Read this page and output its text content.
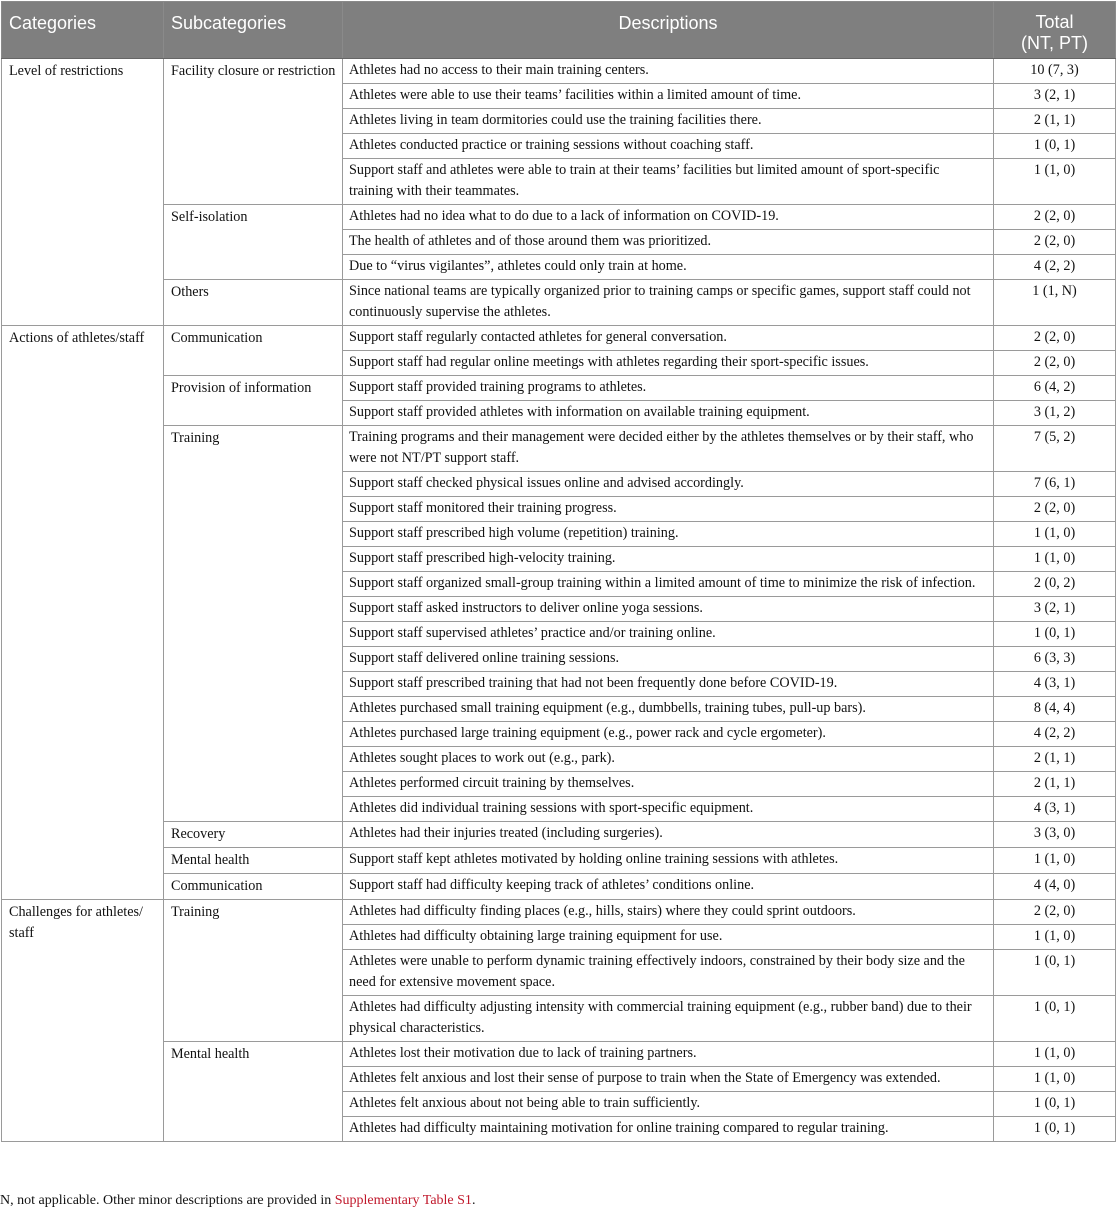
Categories	Subcategories	Descriptions	Total
(NT, PT)
Level of restrictions	Facility closure or restriction	Athletes had no access to their main training centers.	10 (7, 3)
		Athletes were able to use their teams’ facilities within a limited amount of time.	3 (2, 1)
		Athletes living in team dormitories could use the training facilities there.	2 (1, 1)
		Athletes conducted practice or training sessions without coaching staff.	1 (0, 1)
		Support staff and athletes were able to train at their teams’ facilities but limited amount of sport-specific training with their teammates.	1 (1, 0)
	Self-isolation	Athletes had no idea what to do due to a lack of information on COVID-19.	2 (2, 0)
		The health of athletes and of those around them was prioritized.	2 (2, 0)
		Due to “virus vigilantes”, athletes could only train at home.	4 (2, 2)
	Others	Since national teams are typically organized prior to training camps or specific games, support staff could not continuously supervise the athletes.	1 (1, N)
Actions of athletes/staff	Communication	Support staff regularly contacted athletes for general conversation.	2 (2, 0)
		Support staff had regular online meetings with athletes regarding their sport-specific issues.	2 (2, 0)
	Provision of information	Support staff provided training programs to athletes.	6 (4, 2)
		Support staff provided athletes with information on available training equipment.	3 (1, 2)
	Training	Training programs and their management were decided either by the athletes themselves or by their staff, who were not NT/PT support staff.	7 (5, 2)
		Support staff checked physical issues online and advised accordingly.	7 (6, 1)
		Support staff monitored their training progress.	2 (2, 0)
		Support staff prescribed high volume (repetition) training.	1 (1, 0)
		Support staff prescribed high-velocity training.	1 (1, 0)
		Support staff organized small-group training within a limited amount of time to minimize the risk of infection.	2 (0, 2)
		Support staff asked instructors to deliver online yoga sessions.	3 (2, 1)
		Support staff supervised athletes’ practice and/or training online.	1 (0, 1)
		Support staff delivered online training sessions.	6 (3, 3)
		Support staff prescribed training that had not been frequently done before COVID-19.	4 (3, 1)
		Athletes purchased small training equipment (e.g., dumbbells, training tubes, pull-up bars).	8 (4, 4)
		Athletes purchased large training equipment (e.g., power rack and cycle ergometer).	4 (2, 2)
		Athletes sought places to work out (e.g., park).	2 (1, 1)
		Athletes performed circuit training by themselves.	2 (1, 1)
		Athletes did individual training sessions with sport-specific equipment.	4 (3, 1)
	Recovery	Athletes had their injuries treated (including surgeries).	3 (3, 0)
	Mental health	Support staff kept athletes motivated by holding online training sessions with athletes.	1 (1, 0)
	Communication	Support staff had difficulty keeping track of athletes’ conditions online.	4 (4, 0)
Challenges for athletes/ staff	Training	Athletes had difficulty finding places (e.g., hills, stairs) where they could sprint outdoors.	2 (2, 0)
		Athletes had difficulty obtaining large training equipment for use.	1 (1, 0)
		Athletes were unable to perform dynamic training effectively indoors, constrained by their body size and the need for extensive movement space.	1 (0, 1)
		Athletes had difficulty adjusting intensity with commercial training equipment (e.g., rubber band) due to their physical characteristics.	1 (0, 1)
	Mental health	Athletes lost their motivation due to lack of training partners.	1 (1, 0)
		Athletes felt anxious and lost their sense of purpose to train when the State of Emergency was extended.	1 (1, 0)
		Athletes felt anxious about not being able to train sufficiently.	1 (0, 1)
		Athletes had difficulty maintaining motivation for online training compared to regular training.	1 (0, 1)
N, not applicable. Other minor descriptions are provided in Supplementary Table S1.
